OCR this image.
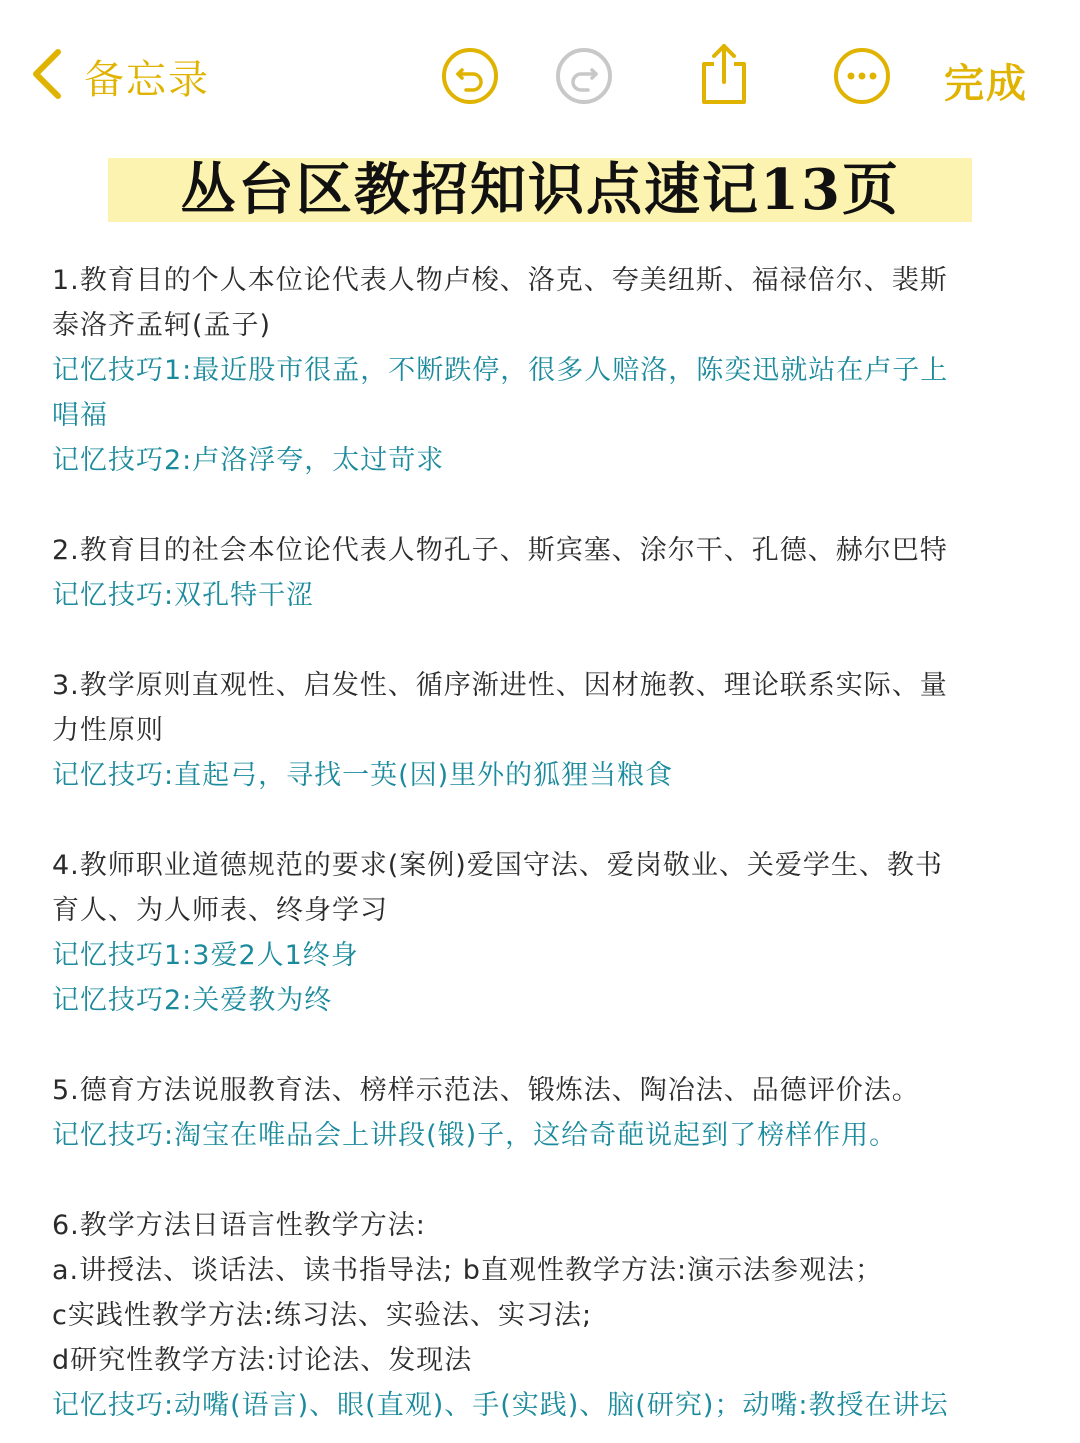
备忘录	完成
丛台区教招知识点速记13页
1.教育目的个人本位论代表人物卢梭、洛克、夸美纽斯、福禄倍尔、裴斯
泰洛齐孟轲(孟子)
记忆技巧1:最近股市很孟，不断跌停，很多人赔洛，陈奕迅就站在卢子上
唱福
记忆技巧2:卢洛浮夸，太过苛求
2.教育目的社会本位论代表人物孔子、斯宾塞、涂尔干、孔德、赫尔巴特
记忆技巧:双孔特干涩
3.教学原则直观性、启发性、循序渐进性、因材施教、理论联系实际、量
力性原则
记忆技巧:直起弓，寻找一英(因)里外的狐狸当粮食
4.教师职业道德规范的要求(案例)爱国守法、爱岗敬业、关爱学生、教书
育人、为人师表、终身学习
记忆技巧1:3爱2人1终身
记忆技巧2:关爱教为终
5.德育方法说服教育法、榜样示范法、锻炼法、陶冶法、品德评价法。
记忆技巧:淘宝在唯品会上讲段(锻)子，这给奇葩说起到了榜样作用。
6.教学方法日语言性教学方法:
a.讲授法、谈话法、读书指导法; b直观性教学方法:演示法参观法；
c实践性教学方法:练习法、实验法、实习法;
d研究性教学方法:讨论法、发现法
记忆技巧:动嘴(语言)、眼(直观)、手(实践)、脑(研究)；动嘴:教授在讲坛
